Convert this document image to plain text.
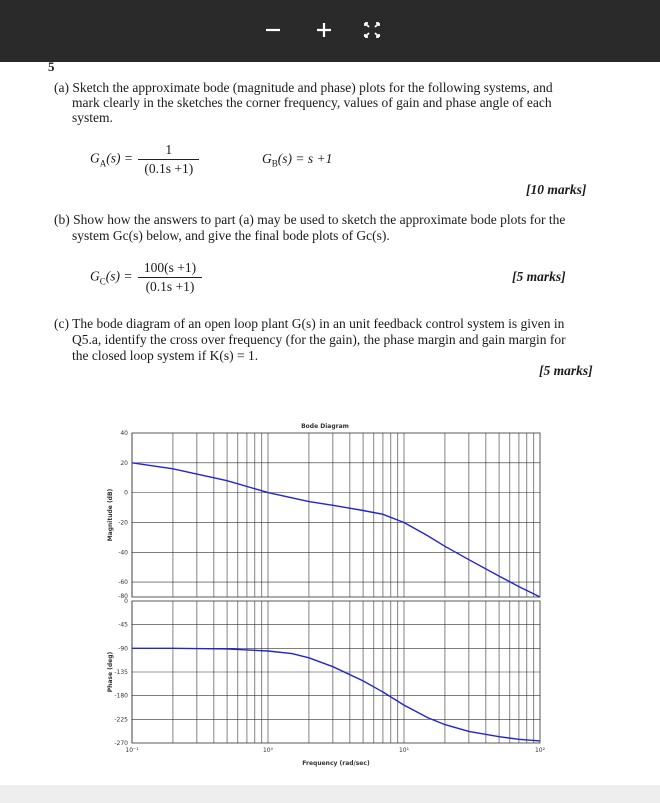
5
(a) Sketch the approximate bode (magnitude and phase) plots for the following systems, and
mark clearly in the sketches the corner frequency, values of gain and phase angle of each
system.
$G_A(s) = \frac{1}{(0.1s +1)}$	$G_B(s) = s +1$
[10 marks]
(b) Show how the answers to part (a) may be used to sketch the approximate bode plots for the
system Gc(s) below, and give the final bode plots of Gc(s).
$G_C(s) = \frac{100(s +1)}{(0.1s +1)}$	[5 marks]
(c) The bode diagram of an open loop plant G(s) in an unit feedback control system is given in
Q5.a, identify the cross over frequency (for the gain), the phase margin and gain margin for
the closed loop system if K(s) = 1.
[5 marks]
Bode Diagram
40
20
0
-20
-40
-60
-80
0
-45
-90
-135
-180
-225
-270
10⁻¹	10⁰	10¹	10²
Magnitude (dB)
Phase (deg)
Frequency (rad/sec)
